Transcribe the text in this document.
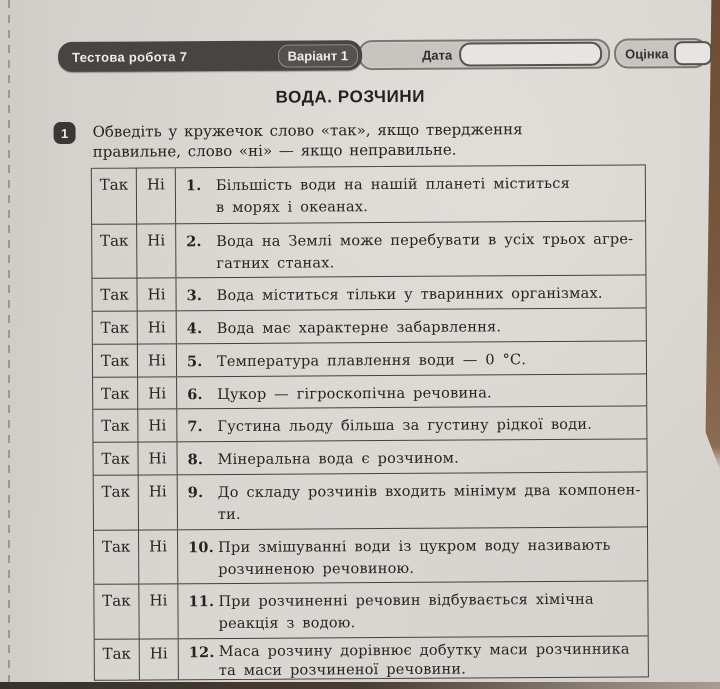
Дата	Оцінка
Тестова робота 7	Варіант 1
ВОДА. РОЗЧИНИ
1	Обведіть у кружечок слово «так», якщо твердження
правильне, слово «ні» — якщо неправильне.
Так	Ні	1. Більшість води на нашій планеті міститься
в морях і океанах.
Так	Ні	2. Вода на Землі може перебувати в усіх трьох агре-
гатних станах.
Так	Ні	3. Вода міститься тільки у тваринних організмах.
Так	Ні	4. Вода має характерне забарвлення.
Так	Ні	5. Температура плавлення води — 0 °С.
Так	Ні	6. Цукор — гігроскопічна речовина.
Так	Ні	7. Густина льоду більша за густину рідкої води.
Так	Ні	8. Мінеральна вода є розчином.
Так	Ні	9. До складу розчинів входить мінімум два компонен-
ти.
Так	Ні	10. При змішуванні води із цукром воду називають
розчиненою речовиною.
Так	Ні	11. При розчиненні речовин відбувається хімічна
реакція з водою.
Так	Ні	12. Маса розчину дорівнює добутку маси розчинника
та маси розчиненої речовини.
